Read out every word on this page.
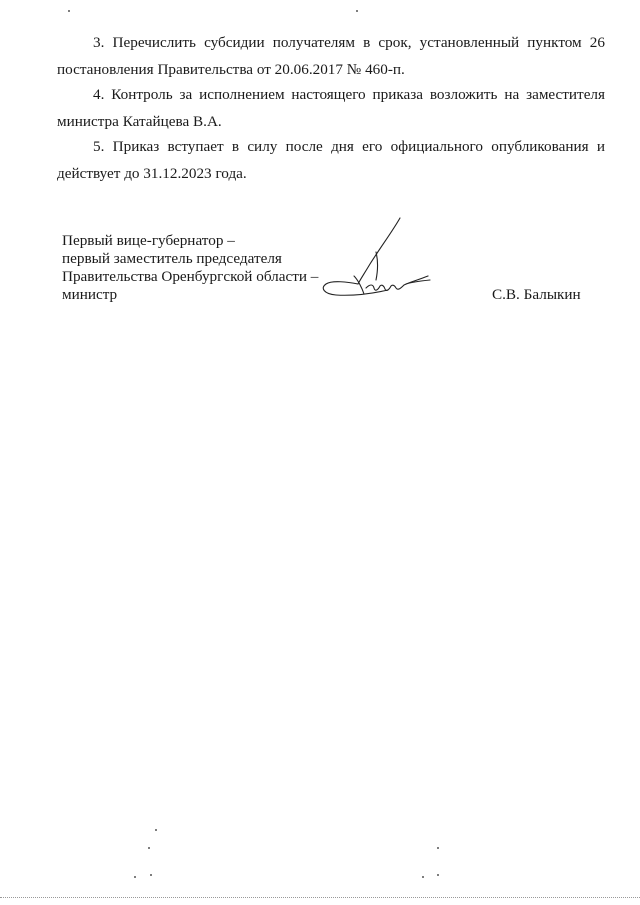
3. Перечислить субсидии получателям в срок, установленный пунктом 26 постановления Правительства от 20.06.2017 № 460-п.

4. Контроль за исполнением настоящего приказа возложить на заместителя министра Катайцева В.А.

5. Приказ вступает в силу после дня его официального опубликования и действует до 31.12.2023 года.

Первый вице-губернатор –
первый заместитель председателя
Правительства Оренбургской области –
министр	С.В. Балыкин
